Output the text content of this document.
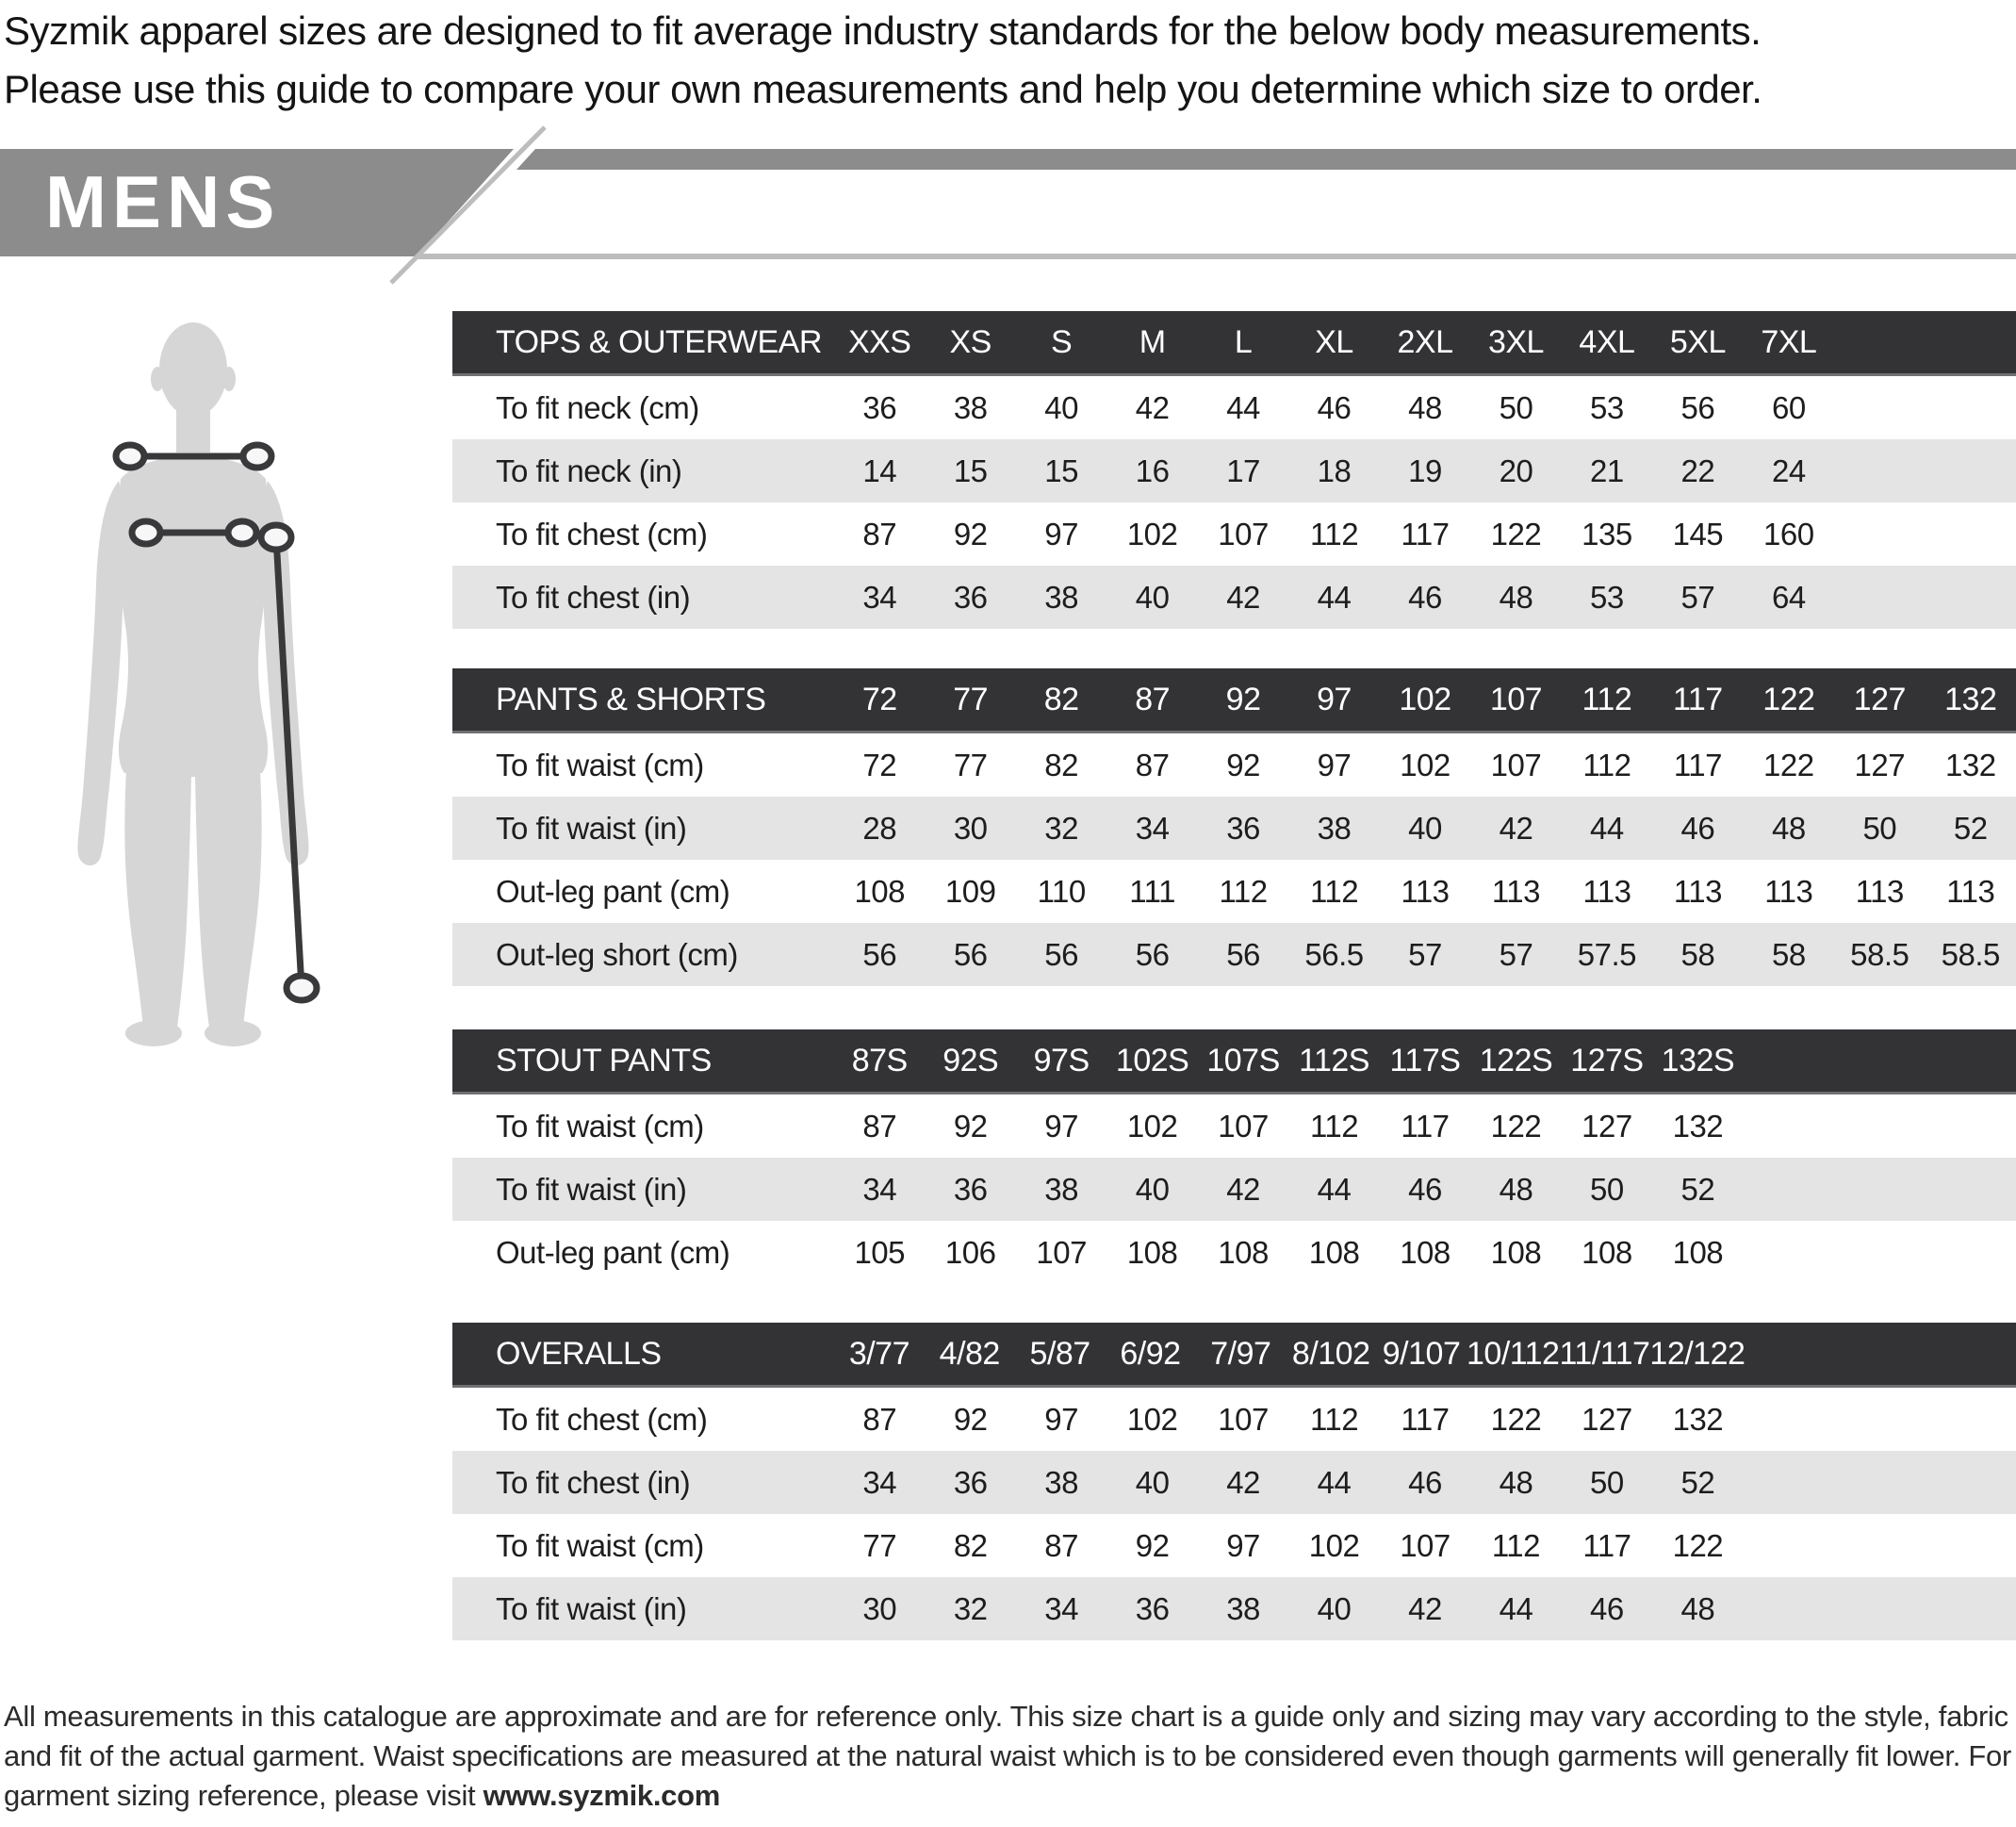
Syzmik apparel sizes are designed to fit average industry standards for the below body measurements.
Please use this guide to compare your own measurements and help you determine which size to order.
MENS
TOPS & OUTERWEAR XXS	XS	S	M	L	XL	2XL	3XL	4XL	5XL	7XL
To fit neck (cm)	36	38	40	42	44	46	48	50	53	56	60
To fit neck (in)	14	15	15	16	17	18	19	20	21	22	24
To fit chest (cm)	87	92	97	102	107	112	117	122	135	145	160
To fit chest (in)	34	36	38	40	42	44	46	48	53	57	64
PANTS & SHORTS	72	77	82	87	92	97	102	107	112	117	122	127	132
To fit waist (cm)	72	77	82	87	92	97	102	107	112	117	122	127	132
To fit waist (in)	28	30	32	34	36	38	40	42	44	46	48	50	52
Out-leg pant (cm)	108	109	110	111	112	112	113	113	113	113	113	113	113
Out-leg short (cm)	56	56	56	56	56	56.5	57	57	57.5	58	58	58.5	58.5
STOUT PANTS	87S	92S	97S 102S 107S 112S 117S 122S 127S 132S
To fit waist (cm)	87	92	97	102	107	112	117	122	127	132
To fit waist (in)	34	36	38	40	42	44	46	48	50	52
Out-leg pant (cm)	105	106	107	108	108	108	108	108	108	108
OVERALLS	3/77 4/82 5/87 6/92 7/97 8/102 9/107 10/112 11/117 12/122
To fit chest (cm)	87	92	97	102	107	112	117	122	127	132
To fit chest (in)	34	36	38	40	42	44	46	48	50	52
To fit waist (cm)	77	82	87	92	97	102	107	112	117	122
To fit waist (in)	30	32	34	36	38	40	42	44	46	48
All measurements in this catalogue are approximate and are for reference only. This size chart is a guide only and sizing may vary according to the style, fabric and fit of the actual garment. Waist specifications are measured at the natural waist which is to be considered even though garments will generally fit lower. For garment sizing reference, please visit www.syzmik.com
